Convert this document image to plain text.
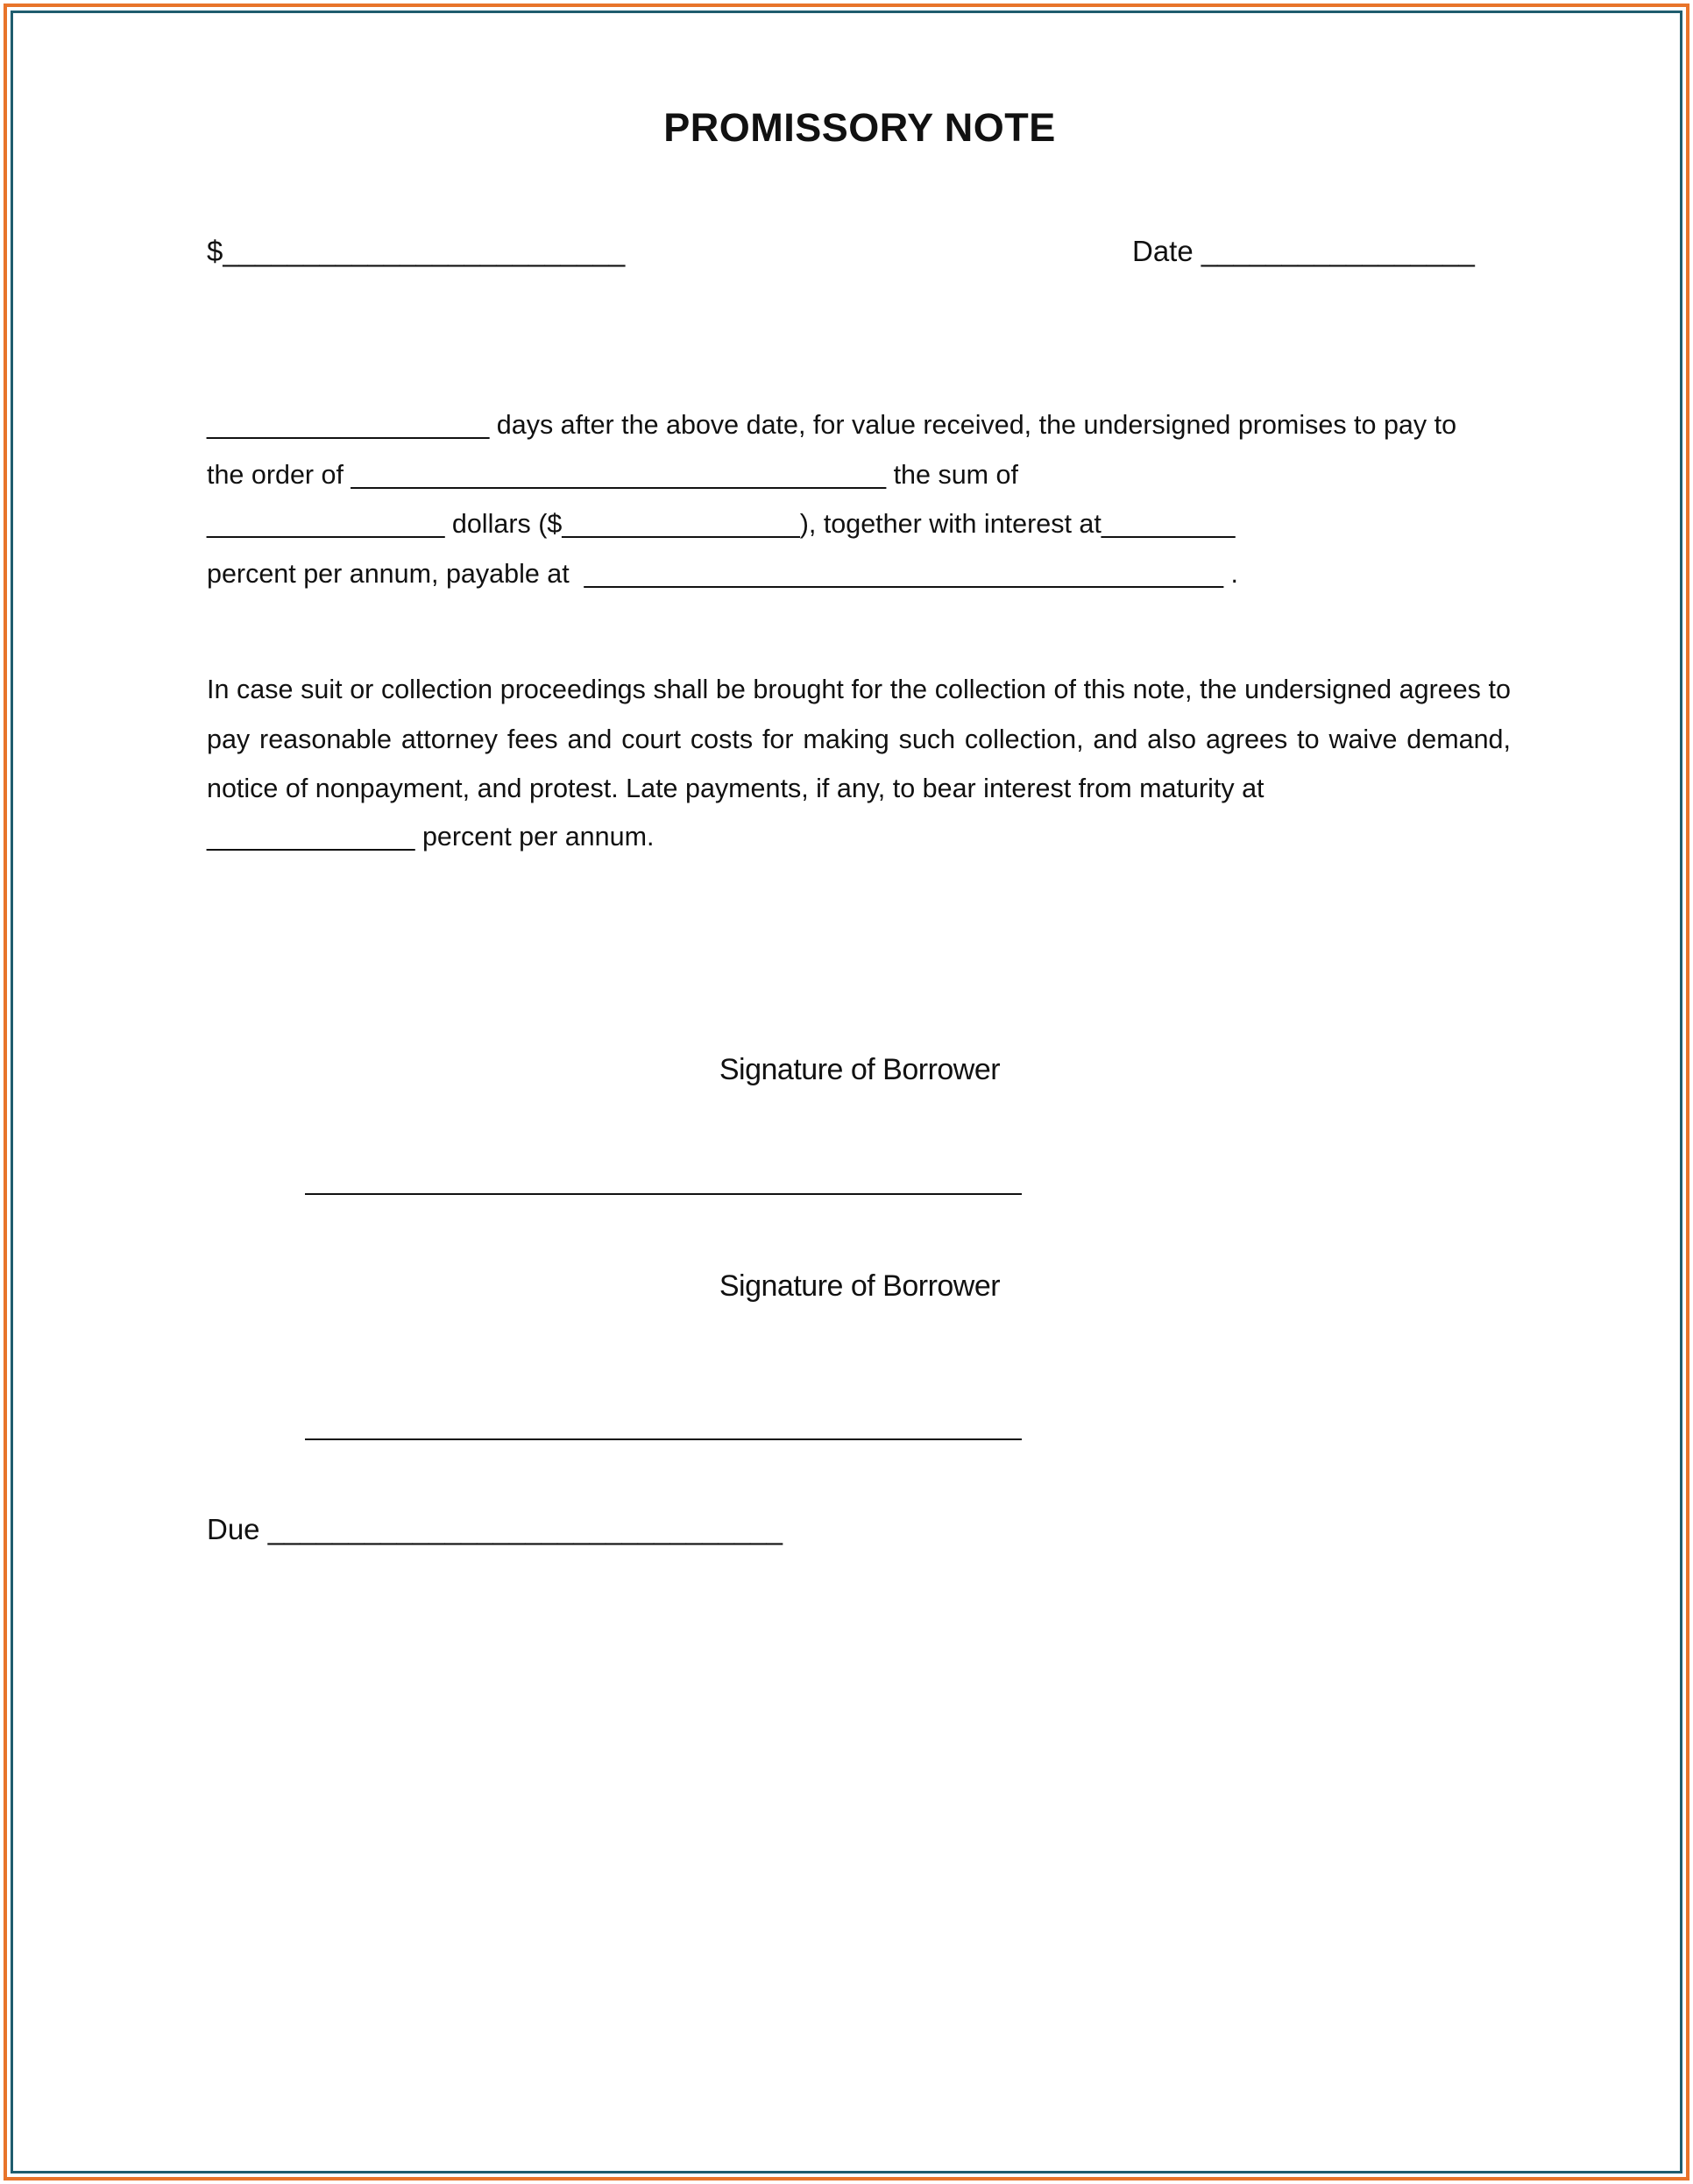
PROMISSORY NOTE
$_________________________	Date _________________
___________________ days after the above date, for value received, the undersigned promises to pay to
the order of ____________________________________ the sum of
________________ dollars ($________________), together with interest at_________
percent per annum, payable at  ___________________________________________ .

In case suit or collection proceedings shall be brought for the collection of this note, the undersigned agrees to pay reasonable attorney fees and court costs for making such collection, and also agrees to waive demand, notice of nonpayment, and protest. Late payments, if any, to bear interest from maturity at

______________ percent per annum.
Signature of Borrower
Signature of Borrower
Due ________________________________
